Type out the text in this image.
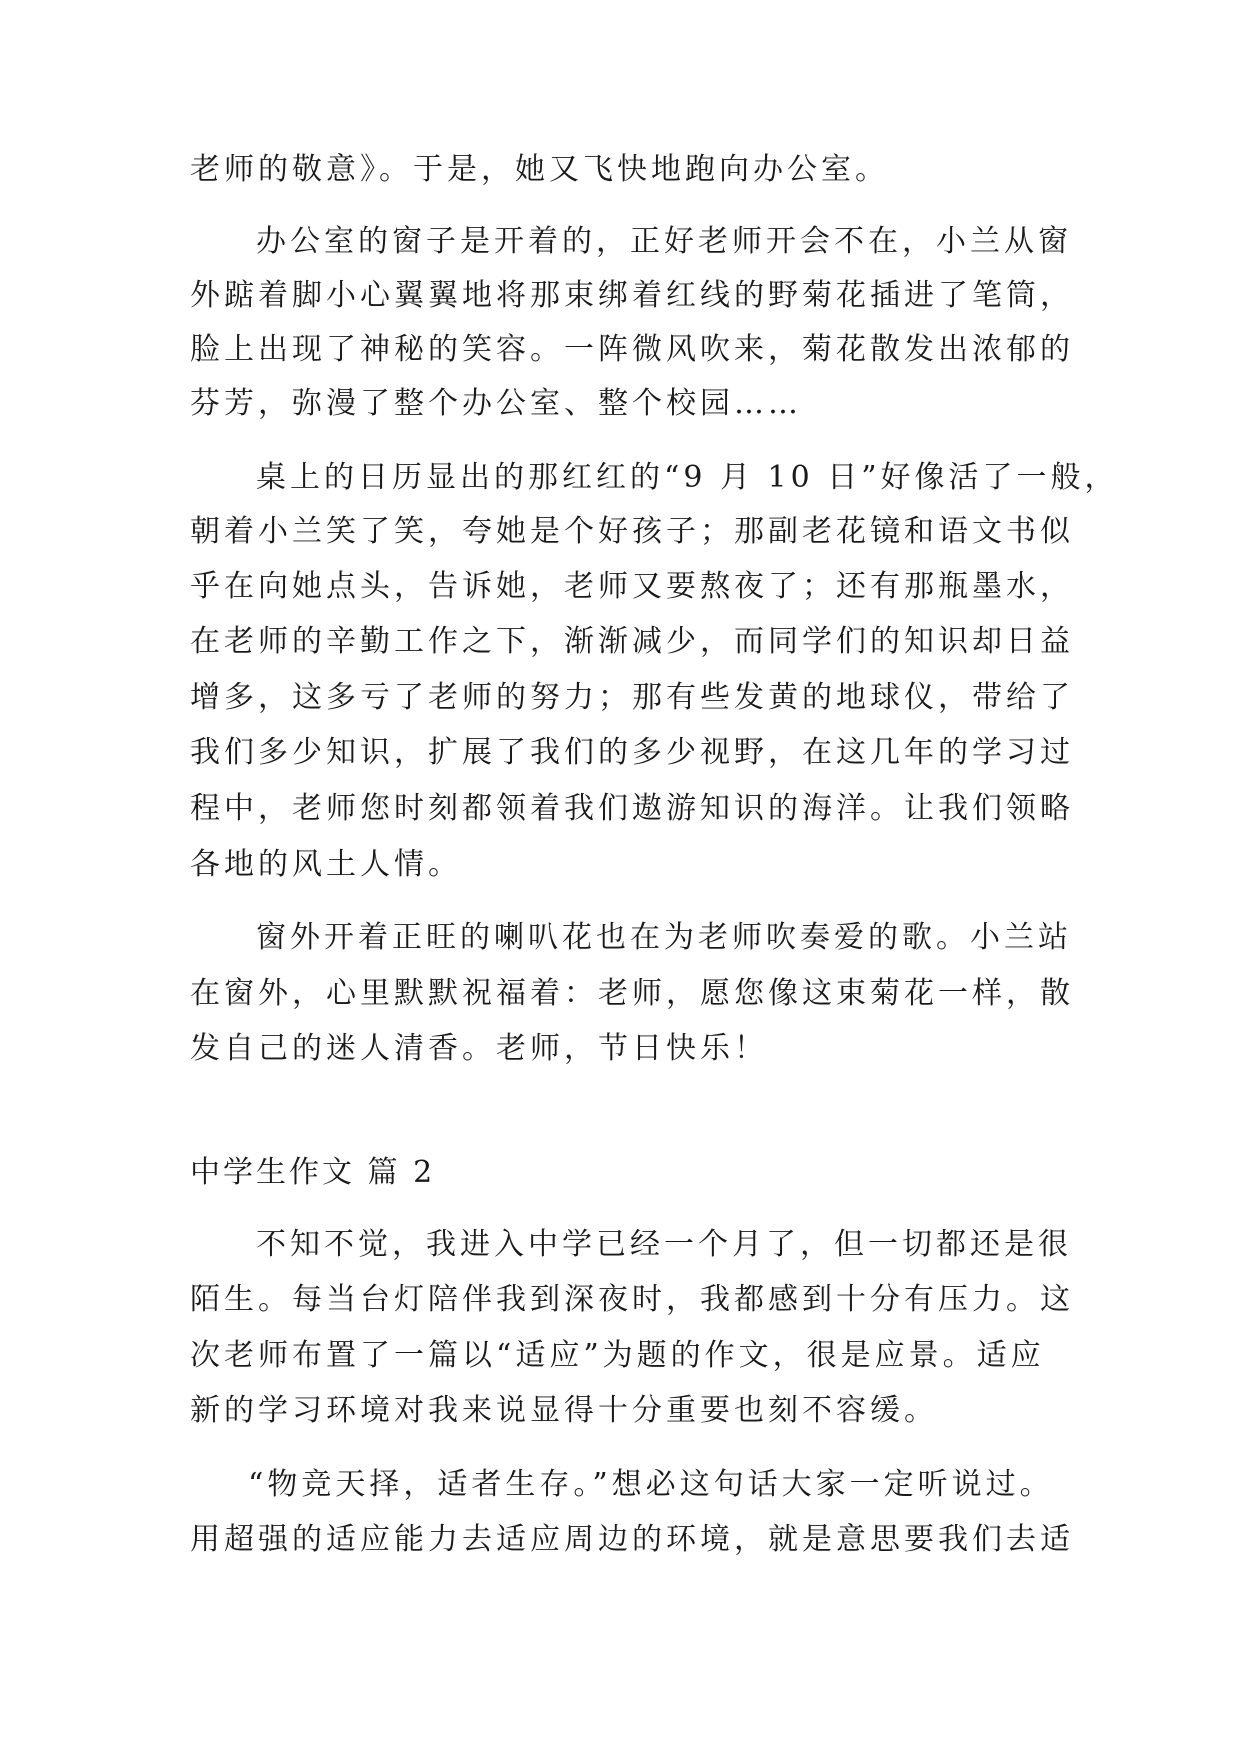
老师的敬意》。于是，她又飞快地跑向办公室。
办公室的窗子是开着的，正好老师开会不在，小兰从窗
外踮着脚小心翼翼地将那束绑着红线的野菊花插进了笔筒，
脸上出现了神秘的笑容。一阵微风吹来，菊花散发出浓郁的
芬芳，弥漫了整个办公室、整个校园……
桌上的日历显出的那红红的“9 月 10 日”好像活了一般，
朝着小兰笑了笑，夸她是个好孩子；那副老花镜和语文书似
乎在向她点头，告诉她，老师又要熬夜了；还有那瓶墨水，
在老师的辛勤工作之下，渐渐减少，而同学们的知识却日益
增多，这多亏了老师的努力；那有些发黄的地球仪，带给了
我们多少知识，扩展了我们的多少视野，在这几年的学习过
程中，老师您时刻都领着我们遨游知识的海洋。让我们领略
各地的风土人情。
窗外开着正旺的喇叭花也在为老师吹奏爱的歌。小兰站
在窗外，心里默默祝福着：老师，愿您像这束菊花一样，散
发自己的迷人清香。老师，节日快乐！
中学生作文 篇 2
不知不觉，我进入中学已经一个月了，但一切都还是很
陌生。每当台灯陪伴我到深夜时，我都感到十分有压力。这
次老师布置了一篇以“适应”为题的作文，很是应景。适应
新的学习环境对我来说显得十分重要也刻不容缓。
“物竞天择，适者生存。”想必这句话大家一定听说过。
用超强的适应能力去适应周边的环境，就是意思要我们去适
